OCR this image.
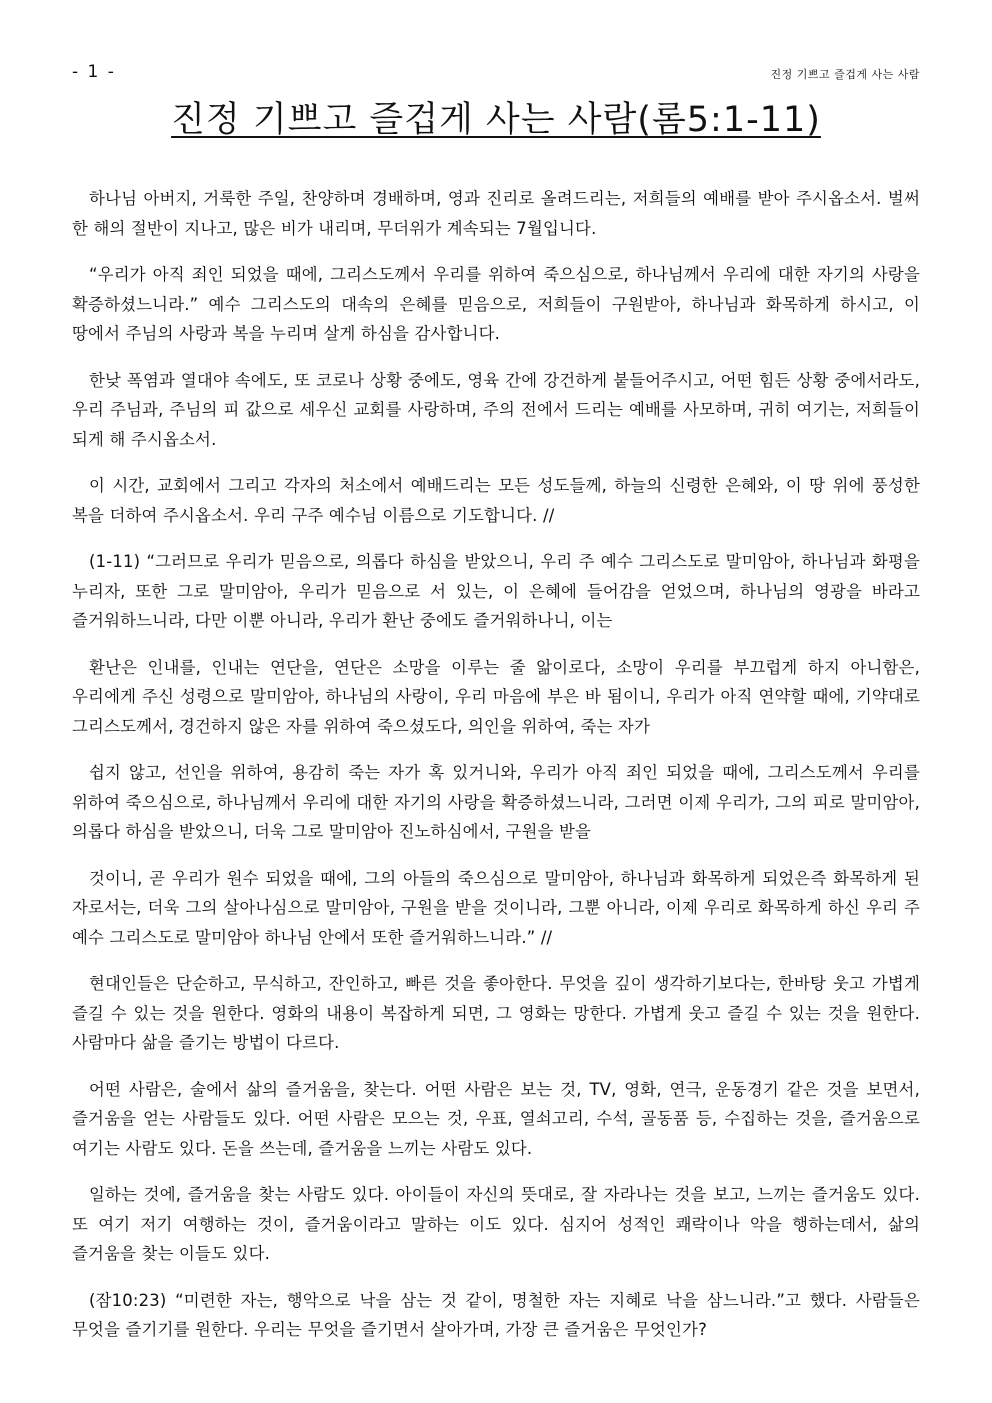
- 1 -	진정 기쁘고 즐겁게 사는 사람
진정 기쁘고 즐겁게 사는 사람(롬5:1-11)

하나님 아버지, 거룩한 주일, 찬양하며 경배하며, 영과 진리로 올려드리는, 저희들의 예배를 받아 주시옵소서. 벌써 한 해의 절반이 지나고, 많은 비가 내리며, 무더위가 계속되는 7월입니다.

“우리가 아직 죄인 되었을 때에, 그리스도께서 우리를 위하여 죽으심으로, 하나님께서 우리에 대한 자기의 사랑을 확증하셨느니라.” 예수 그리스도의 대속의 은혜를 믿음으로, 저희들이 구원받아, 하나님과 화목하게 하시고, 이 땅에서 주님의 사랑과 복을 누리며 살게 하심을 감사합니다.

한낮 폭염과 열대야 속에도, 또 코로나 상황 중에도, 영육 간에 강건하게 붙들어주시고, 어떤 힘든 상황 중에서라도, 우리 주님과, 주님의 피 값으로 세우신 교회를 사랑하며, 주의 전에서 드리는 예배를 사모하며, 귀히 여기는, 저희들이 되게 해 주시옵소서.

이 시간, 교회에서 그리고 각자의 처소에서 예배드리는 모든 성도들께, 하늘의 신령한 은혜와, 이 땅 위에 풍성한 복을 더하여 주시옵소서. 우리 구주 예수님 이름으로 기도합니다. //

(1-11) “그러므로 우리가 믿음으로, 의롭다 하심을 받았으니, 우리 주 예수 그리스도로 말미암아, 하나님과 화평을 누리자, 또한 그로 말미암아, 우리가 믿음으로 서 있는, 이 은혜에 들어감을 얻었으며, 하나님의 영광을 바라고 즐거워하느니라, 다만 이뿐 아니라, 우리가 환난 중에도 즐거워하나니, 이는

환난은 인내를, 인내는 연단을, 연단은 소망을 이루는 줄 앎이로다, 소망이 우리를 부끄럽게 하지 아니함은, 우리에게 주신 성령으로 말미암아, 하나님의 사랑이, 우리 마음에 부은 바 됨이니, 우리가 아직 연약할 때에, 기약대로 그리스도께서, 경건하지 않은 자를 위하여 죽으셨도다, 의인을 위하여, 죽는 자가

쉽지 않고, 선인을 위하여, 용감히 죽는 자가 혹 있거니와, 우리가 아직 죄인 되었을 때에, 그리스도께서 우리를 위하여 죽으심으로, 하나님께서 우리에 대한 자기의 사랑을 확증하셨느니라, 그러면 이제 우리가, 그의 피로 말미암아, 의롭다 하심을 받았으니, 더욱 그로 말미암아 진노하심에서, 구원을 받을

것이니, 곧 우리가 원수 되었을 때에, 그의 아들의 죽으심으로 말미암아, 하나님과 화목하게 되었은즉 화목하게 된 자로서는, 더욱 그의 살아나심으로 말미암아, 구원을 받을 것이니라, 그뿐 아니라, 이제 우리로 화목하게 하신 우리 주 예수 그리스도로 말미암아 하나님 안에서 또한 즐거워하느니라.” //

현대인들은 단순하고, 무식하고, 잔인하고, 빠른 것을 좋아한다. 무엇을 깊이 생각하기보다는, 한바탕 웃고 가볍게 즐길 수 있는 것을 원한다. 영화의 내용이 복잡하게 되면, 그 영화는 망한다. 가볍게 웃고 즐길 수 있는 것을 원한다. 사람마다 삶을 즐기는 방법이 다르다.

어떤 사람은, 술에서 삶의 즐거움을, 찾는다. 어떤 사람은 보는 것, TV, 영화, 연극, 운동경기 같은 것을 보면서, 즐거움을 얻는 사람들도 있다. 어떤 사람은 모으는 것, 우표, 열쇠고리, 수석, 골동품 등, 수집하는 것을, 즐거움으로 여기는 사람도 있다. 돈을 쓰는데, 즐거움을 느끼는 사람도 있다.

일하는 것에, 즐거움을 찾는 사람도 있다. 아이들이 자신의 뜻대로, 잘 자라나는 것을 보고, 느끼는 즐거움도 있다. 또 여기 저기 여행하는 것이, 즐거움이라고 말하는 이도 있다. 심지어 성적인 쾌락이나 악을 행하는데서, 삶의 즐거움을 찾는 이들도 있다.

(잠10:23) “미련한 자는, 행악으로 낙을 삼는 것 같이, 명철한 자는 지혜로 낙을 삼느니라.”고 했다. 사람들은 무엇을 즐기기를 원한다. 우리는 무엇을 즐기면서 살아가며, 가장 큰 즐거움은 무엇인가?
